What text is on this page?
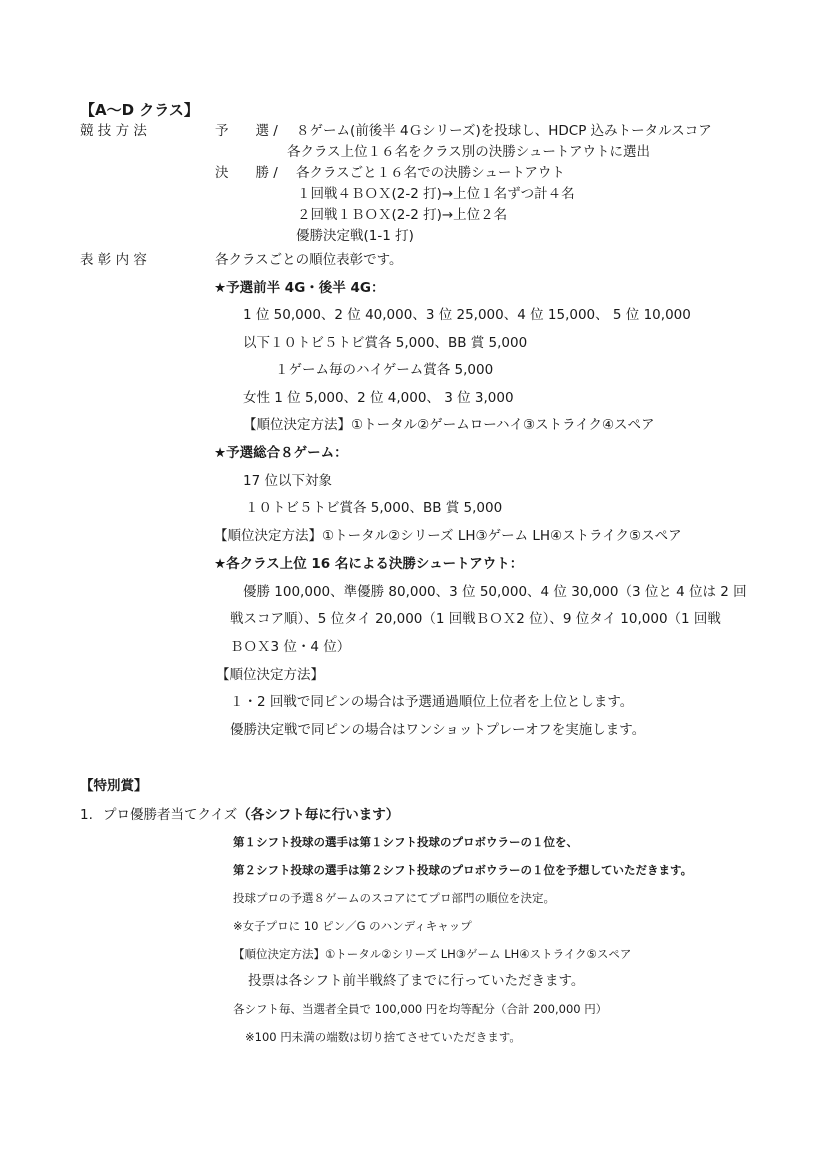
【A～D クラス】
競 技 方 法	予　　選 / ８ゲーム(前後半 4Ｇシリーズ)を投球し、HDCP 込みトータルスコア
各クラス上位１６名をクラス別の決勝シュートアウトに選出
決　　勝 / 各クラスごと１６名での決勝シュートアウト
１回戦４ＢＯＸ(2-2 打)→上位１名ずつ計４名
２回戦１ＢＯＸ(2-2 打)→上位２名
優勝決定戦(1-1 打)
表 彰 内 容	各クラスごとの順位表彰です。
★予選前半 4G・後半 4G：
1 位 50,000、2 位 40,000、3 位 25,000、4 位 15,000、 5 位 10,000
以下１０トビ５トビ賞各 5,000、BB 賞 5,000
１ゲーム毎のハイゲーム賞各 5,000
女性 1 位 5,000、2 位 4,000、 3 位 3,000
【順位決定方法】①トータル②ゲームローハイ③ストライク④スペア
★予選総合８ゲーム：
17 位以下対象
１０トビ５トビ賞各 5,000、BB 賞 5,000
【順位決定方法】①トータル②シリーズ LH③ゲーム LH④ストライク⑤スペア
★各クラス上位 16 名による決勝シュートアウト：
優勝 100,000、準優勝 80,000、3 位 50,000、4 位 30,000（3 位と 4 位は 2 回
戦スコア順）、5 位タイ 20,000（1 回戦ＢＯＸ2 位）、9 位タイ 10,000（1 回戦
ＢＯＸ3 位・4 位）
【順位決定方法】
１・2 回戦で同ピンの場合は予選通過順位上位者を上位とします。
優勝決定戦で同ピンの場合はワンショットプレーオフを実施します。
【特別賞】
1. プロ優勝者当てクイズ（各シフト毎に行います）
第１シフト投球の選手は第１シフト投球のプロボウラーの１位を、
第２シフト投球の選手は第２シフト投球のプロボウラーの１位を予想していただきます。
投球プロの予選８ゲームのスコアにてプロ部門の順位を決定。
※女子プロに 10 ピン／G のハンディキャップ
【順位決定方法】①トータル②シリーズ LH③ゲーム LH④ストライク⑤スペア
投票は各シフト前半戦終了までに行っていただきます。
各シフト毎、当選者全員で 100,000 円を均等配分（合計 200,000 円）
※100 円未満の端数は切り捨てさせていただきます。
